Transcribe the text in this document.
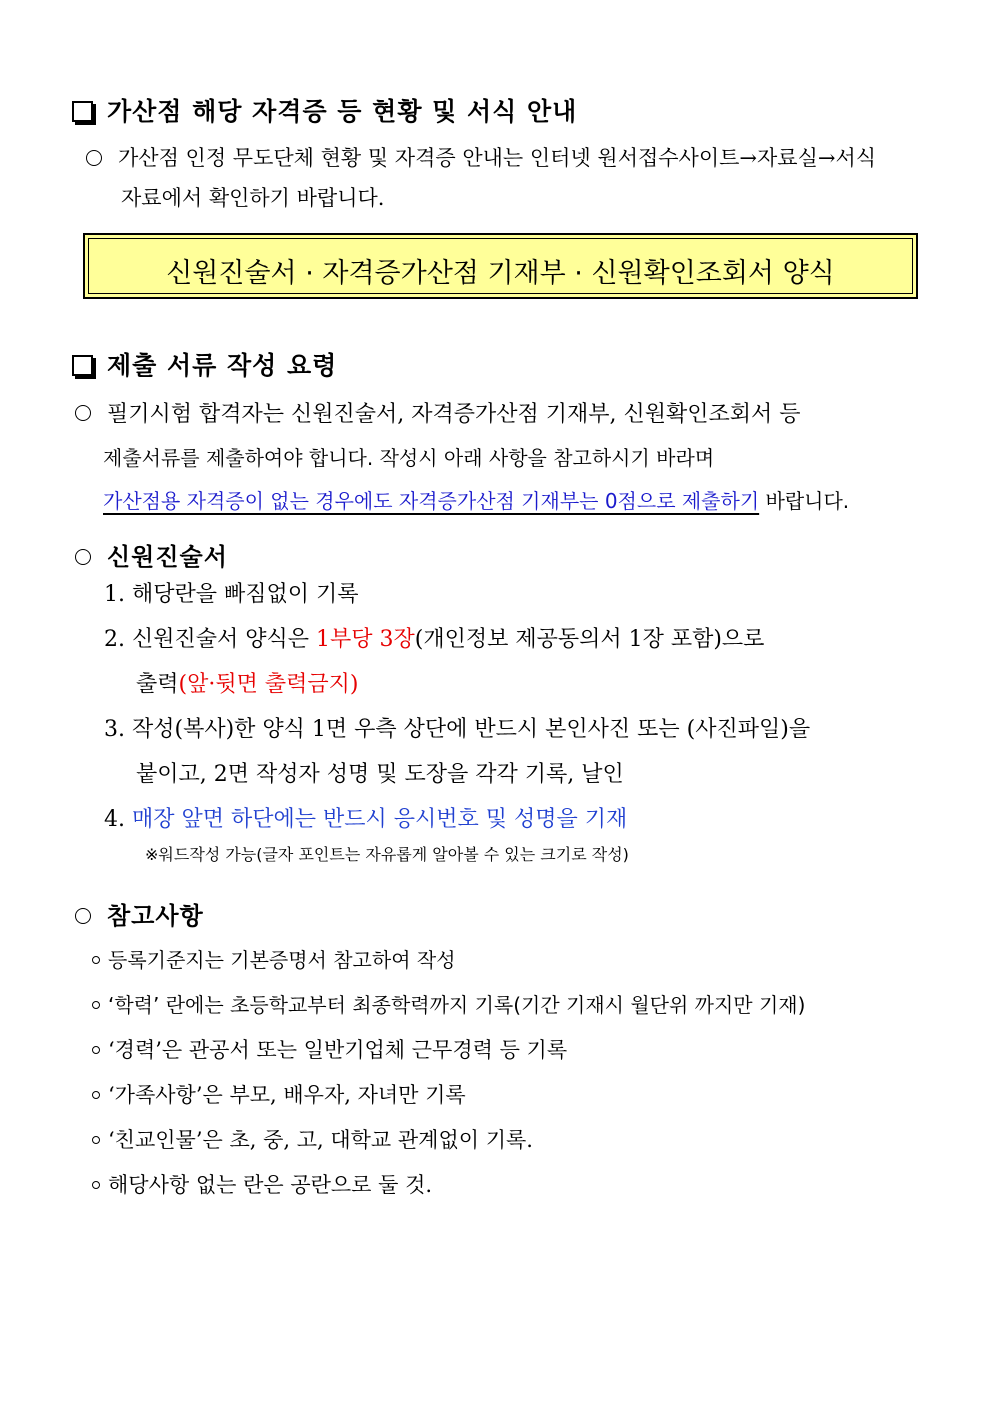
가산점 해당 자격증 등 현황 및 서식 안내
가산점 인정 무도단체 현황 및 자격증 안내는 인터넷 원서접수사이트→자료실→서식
자료에서 확인하기 바랍니다.
신원진술서 · 자격증가산점 기재부 · 신원확인조회서 양식
제출 서류 작성 요령
필기시험 합격자는 신원진술서, 자격증가산점 기재부, 신원확인조회서 등
제출서류를 제출하여야 합니다. 작성시 아래 사항을 참고하시기 바라며
가산점용 자격증이 없는 경우에도 자격증가산점 기재부는 0점으로 제출하기 바랍니다.
신원진술서
1. 해당란을 빠짐없이 기록
2. 신원진술서 양식은 1부당 3장(개인정보 제공동의서 1장 포함)으로
출력(앞·뒷면 출력금지)
3. 작성(복사)한 양식 1면 우측 상단에 반드시 본인사진 또는 (사진파일)을
붙이고, 2면 작성자 성명 및 도장을 각각 기록, 날인
4. 매장 앞면 하단에는 반드시 응시번호 및 성명을 기재
※워드작성 가능(글자 포인트는 자유롭게 알아볼 수 있는 크기로 작성)
참고사항
등록기준지는 기본증명서 참고하여 작성
‘학력’ 란에는 초등학교부터 최종학력까지 기록(기간 기재시 월단위 까지만 기재)
‘경력’은 관공서 또는 일반기업체 근무경력 등 기록
‘가족사항’은 부모, 배우자, 자녀만 기록
‘친교인물’은 초, 중, 고, 대학교 관계없이 기록.
해당사항 없는 란은 공란으로 둘 것.
